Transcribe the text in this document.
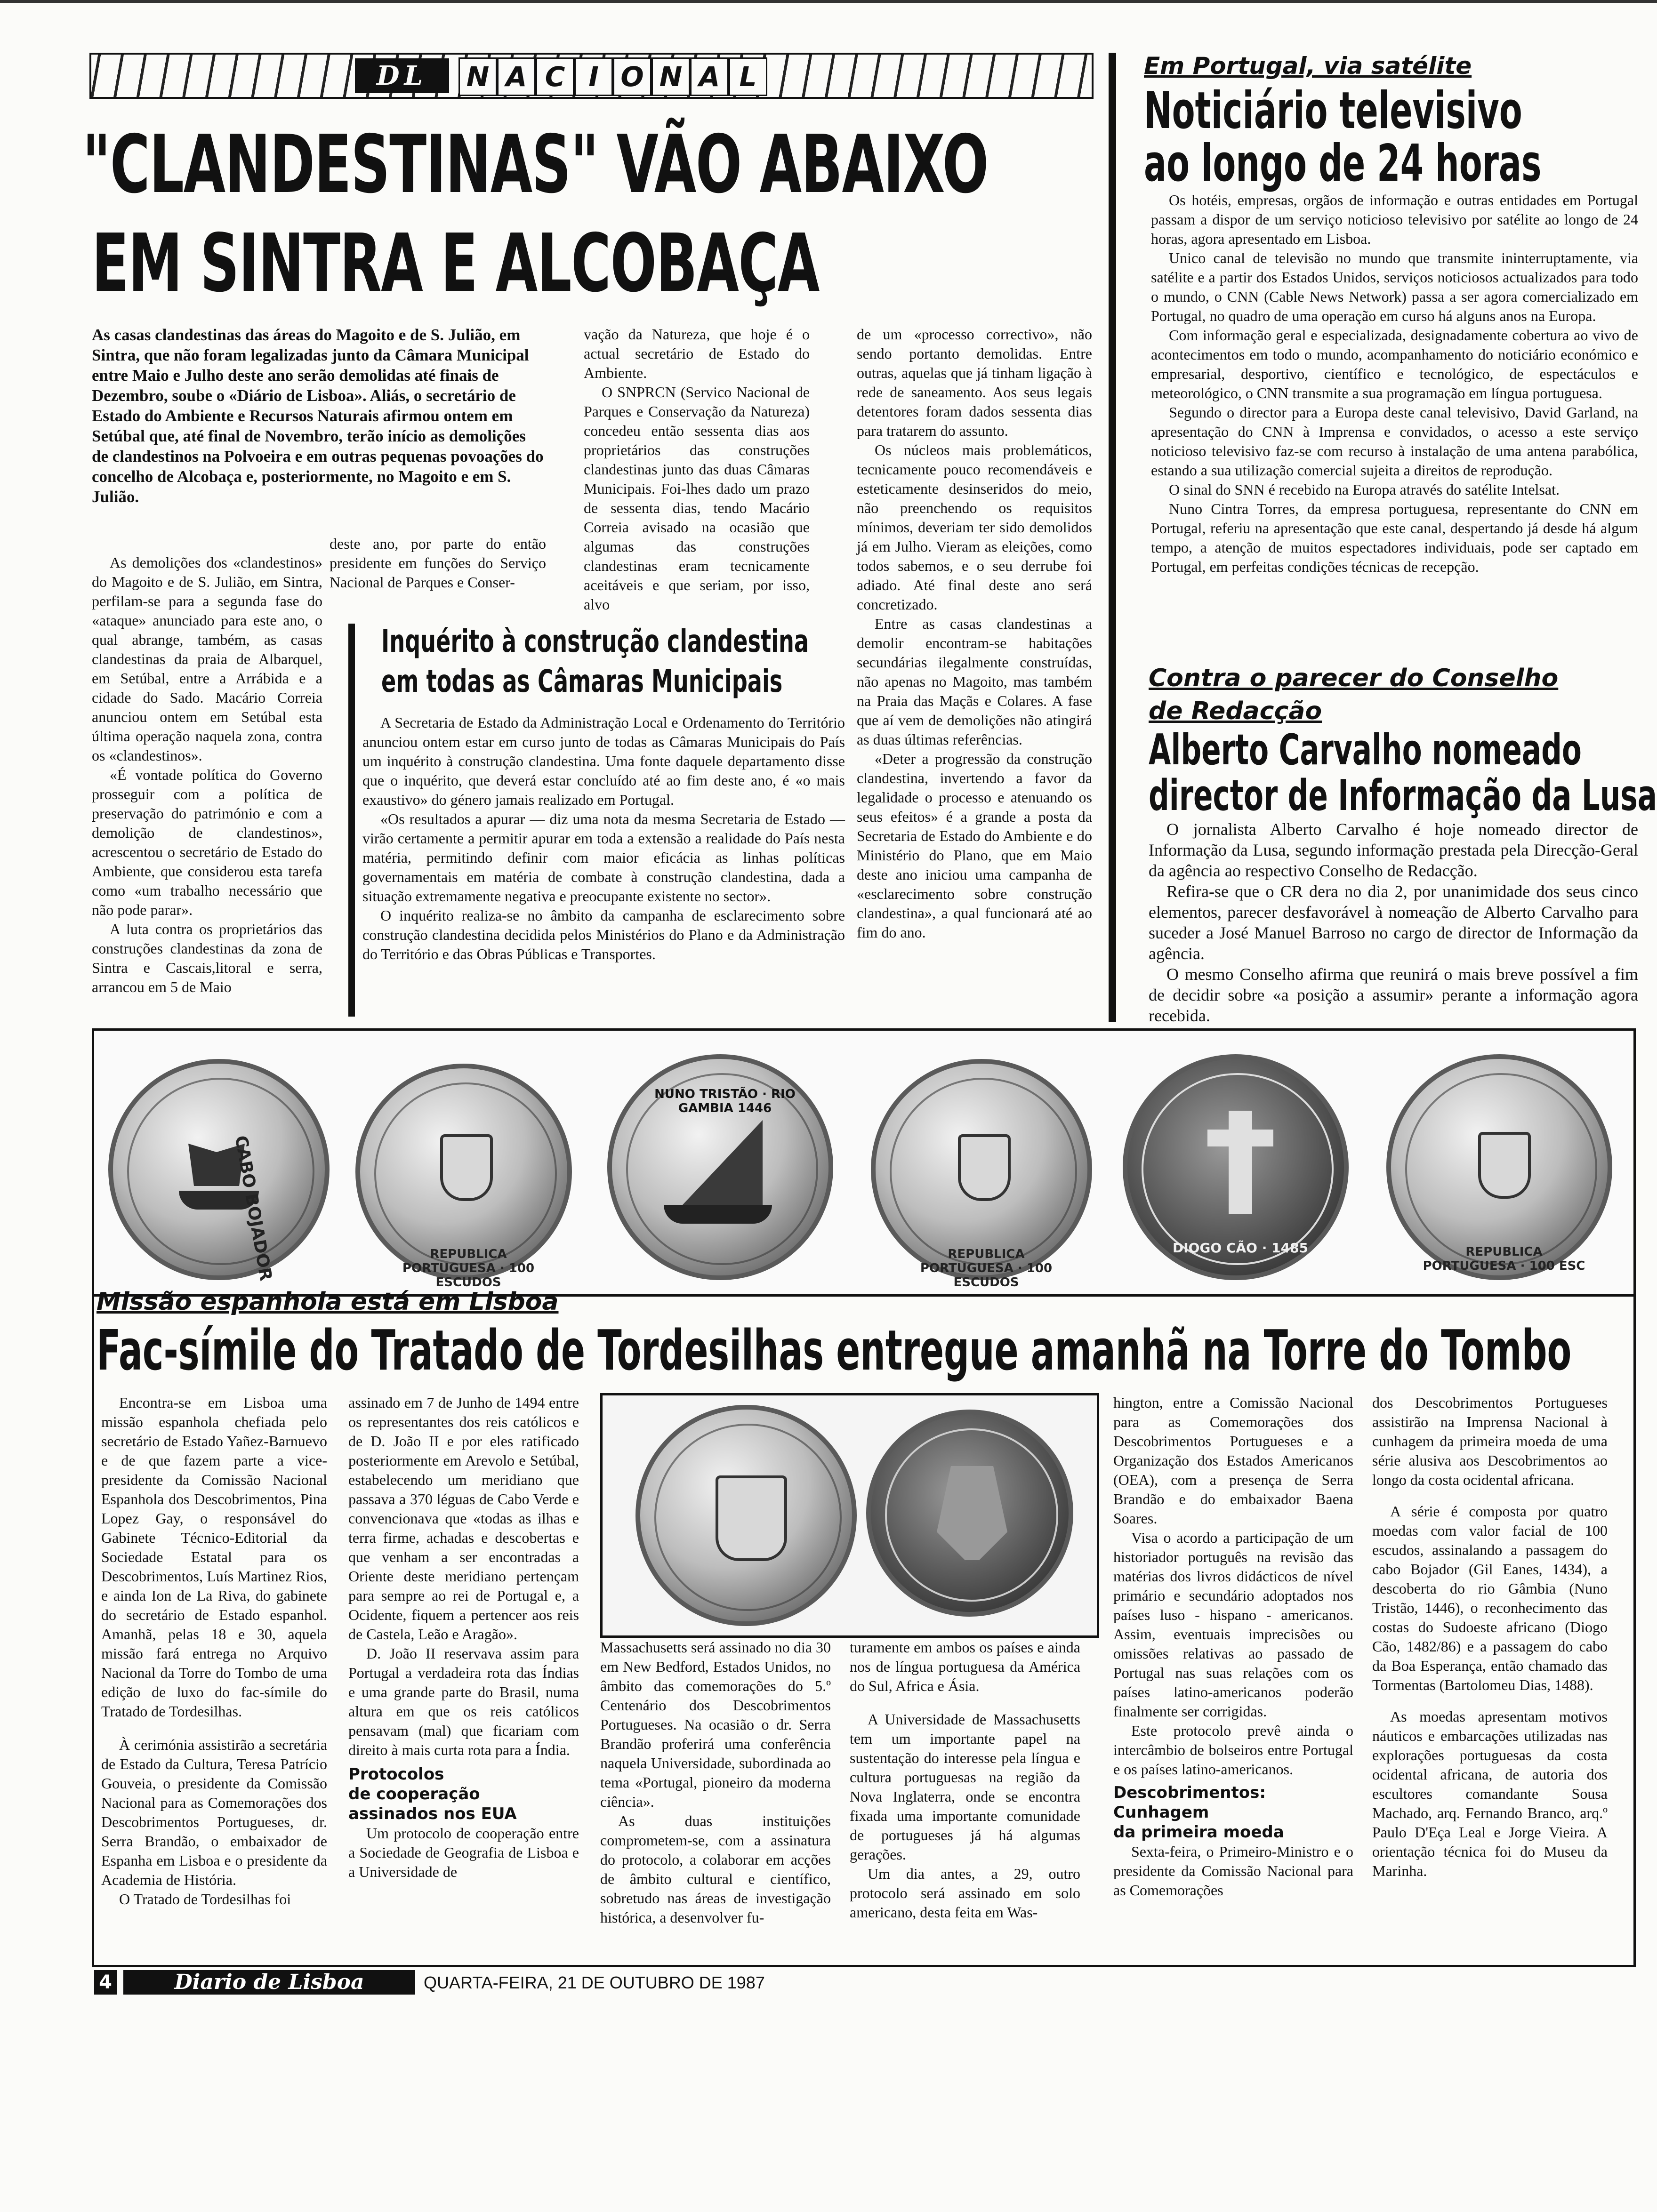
DL	N A C I O N A L
"CLANDESTINAS" VÃO ABAIXO
EM SINTRA E ALCOBAÇA
As casas clandestinas das áreas do Magoito e de S. Julião, em Sintra, que não foram legalizadas junto da Câmara Municipal entre Maio e Julho deste ano serão demolidas até finais de Dezembro, soube o «Diário de Lisboa». Aliás, o secretário de Estado do Ambiente e Recursos Naturais afirmou ontem em Setúbal que, até final de Novembro, terão início as demolições de clandestinos na Polvoeira e em outras pequenas povoações do concelho de Alcobaça e, posteriormente, no Magoito e em S. Julião.

As demolições dos «clandestinos» do Magoito e de S. Julião, em Sintra, perfilam-se para a segunda fase do «ataque» anunciado para este ano, o qual abrange, também, as casas clandestinas da praia de Albarquel, em Setúbal, entre a Arrábida e a cidade do Sado. Macário Correia anunciou ontem em Setúbal esta última operação naquela zona, contra os «clandestinos».

«É vontade política do Governo prosseguir com a política de preservação do património e com a demolição de clandestinos», acrescentou o secretário de Estado do Ambiente, que considerou esta tarefa como «um trabalho necessário que não pode parar».

A luta contra os proprietários das construções clandestinas da zona de Sintra e Cascais,litoral e serra, arrancou em 5 de Maio

deste ano, por parte do então presidente em funções do Serviço Nacional de Parques e Conser-

vação da Natureza, que hoje é o actual secretário de Estado do Ambiente.

O SNPRCN (Servico Nacional de Parques e Conservação da Natureza) concedeu então sessenta dias aos proprietários das construções clandestinas junto das duas Câmaras Municipais. Foi-lhes dado um prazo de sessenta dias, tendo Macário Correia avisado na ocasião que algumas das construções clandestinas eram tecnicamente aceitáveis e que seriam, por isso, alvo

de um «processo correctivo», não sendo portanto demolidas. Entre outras, aquelas que já tinham ligação à rede de saneamento. Aos seus legais detentores foram dados sessenta dias para tratarem do assunto.

Os núcleos mais problemáticos, tecnicamente pouco recomendáveis e esteticamente desinseridos do meio, não preenchendo os requisitos mínimos, deveriam ter sido demolidos já em Julho. Vieram as eleições, como todos sabemos, e o seu derrube foi adiado. Até final deste ano será concretizado.

Entre as casas clandestinas a demolir encontram-se habitações secundárias ilegalmente construídas, não apenas no Magoito, mas também na Praia das Maçãs e Colares. A fase que aí vem de demolições não atingirá as duas últimas referências.

«Deter a progressão da construção clandestina, invertendo a favor da legalidade o processo e atenuando os seus efeitos» é a grande a posta da Secretaria de Estado do Ambiente e do Ministério do Plano, que em Maio deste ano iniciou uma campanha de «esclarecimento sobre construção clandestina», a qual funcionará até ao fim do ano.

Inquérito à construção clandestina
em todas as Câmaras Municipais

A Secretaria de Estado da Administração Local e Ordenamento do Território anunciou ontem estar em curso junto de todas as Câmaras Municipais do País um inquérito à construção clandestina. Uma fonte daquele departamento disse que o inquérito, que deverá estar concluído até ao fim deste ano, é «o mais exaustivo» do género jamais realizado em Portugal.

«Os resultados a apurar — diz uma nota da mesma Secretaria de Estado — virão certamente a permitir apurar em toda a extensão a realidade do País nesta matéria, permitindo definir com maior eficácia as linhas políticas governamentais em matéria de combate à construção clandestina, dada a situação extremamente negativa e preocupante existente no sector».

O inquérito realiza-se no âmbito da campanha de esclarecimento sobre construção clandestina decidida pelos Ministérios do Plano e da Administração do Território e das Obras Públicas e Transportes.

Em Portugal, via satélite
Noticiário televisivo
ao longo de 24 horas

Os hotéis, empresas, orgãos de informação e outras entidades em Portugal passam a dispor de um serviço noticioso televisivo por satélite ao longo de 24 horas, agora apresentado em Lisboa.

Unico canal de televisão no mundo que transmite ininterruptamente, via satélite e a partir dos Estados Unidos, serviços noticiosos actualizados para todo o mundo, o CNN (Cable News Network) passa a ser agora comercializado em Portugal, no quadro de uma operação em curso há alguns anos na Europa.

Com informação geral e especializada, designadamente cobertura ao vivo de acontecimentos em todo o mundo, acompanhamento do noticiário económico e empresarial, desportivo, científico e tecnológico, de espectáculos e meteorológico, o CNN transmite a sua programação em língua portuguesa.

Segundo o director para a Europa deste canal televisivo, David Garland, na apresentação do CNN à Imprensa e convidados, o acesso a este serviço noticioso televisivo faz-se com recurso à instalação de uma antena parabólica, estando a sua utilização comercial sujeita a direitos de reprodução.

O sinal do SNN é recebido na Europa através do satélite Intelsat.

Nuno Cintra Torres, da empresa portuguesa, representante do CNN em Portugal, referiu na apresentação que este canal, despertando já desde há algum tempo, a atenção de muitos espectadores individuais, pode ser captado em Portugal, em perfeitas condições técnicas de recepção.

Contra o parecer do Conselho
de Redacção
Alberto Carvalho nomeado
director de Informação da Lusa

O jornalista Alberto Carvalho é hoje nomeado director de Informação da Lusa, segundo informação prestada pela Direcção-Geral da agência ao respectivo Conselho de Redacção.

Refira-se que o CR dera no dia 2, por unanimidade dos seus cinco elementos, parecer desfavorável à nomeação de Alberto Carvalho para suceder a José Manuel Barroso no cargo de director de Informação da agência.

O mesmo Conselho afirma que reunirá o mais breve possível a fim de decidir sobre «a posição a assumir» perante a informação agora recebida.

CABO BOJADOR	REPUBLICA PORTUGUESA · 100 ESCUDOS
NUNO TRISTÃO · RIO GAMBIA 1446
REPUBLICA PORTUGUESA · 100 ESCUDOS
DIOGO CÃO · 1485	REPUBLICA PORTUGUESA · 100 ESC
Missão espanhola está em Lisboa
Fac-símile do Tratado de Tordesilhas entregue amanhã na Torre do Tombo

Encontra-se em Lisboa uma missão espanhola chefiada pelo secretário de Estado Yañez-Barnuevo e de que fazem parte a vice-presidente da Comissão Nacional Espanhola dos Descobrimentos, Pina Lopez Gay, o responsável do Gabinete Técnico-Editorial da Sociedade Estatal para os Descobrimentos, Luís Martinez Rios, e ainda Ion de La Riva, do gabinete do secretário de Estado espanhol. Amanhã, pelas 18 e 30, aquela missão fará entrega no Arquivo Nacional da Torre do Tombo de uma edição de luxo do fac-símile do Tratado de Tordesilhas.

À cerimónia assistirão a secretária de Estado da Cultura, Teresa Patrício Gouveia, o presidente da Comissão Nacional para as Comemorações dos Descobrimentos Portugueses, dr. Serra Brandão, o embaixador de Espanha em Lisboa e o presidente da Academia de História.

O Tratado de Tordesilhas foi

assinado em 7 de Junho de 1494 entre os representantes dos reis católicos e de D. João II e por eles ratificado posteriormente em Arevolo e Setúbal, estabelecendo um meridiano que passava a 370 léguas de Cabo Verde e convencionava que «todas as ilhas e terra firme, achadas e descobertas e que venham a ser encontradas a Oriente deste meridiano pertençam para sempre ao rei de Portugal e, a Ocidente, fiquem a pertencer aos reis de Castela, Leão e Aragão».

D. João II reservava assim para Portugal a verdadeira rota das Índias e uma grande parte do Brasil, numa altura em que os reis católicos pensavam (mal) que ficariam com direito à mais curta rota para a Índia.

Protocolos
de cooperação
assinados nos EUA

Um protocolo de cooperação entre a Sociedade de Geografia de Lisboa e a Universidade de

Massachusetts será assinado no dia 30 em New Bedford, Estados Unidos, no âmbito das comemorações do 5.º Centenário dos Descobrimentos Portugueses. Na ocasião o dr. Serra Brandão proferirá uma conferência naquela Universidade, subordinada ao tema «Portugal, pioneiro da moderna ciência».

As duas instituições comprometem-se, com a assinatura do protocolo, a colaborar em acções de âmbito cultural e científico, sobretudo nas áreas de investigação histórica, a desenvolver fu-

turamente em ambos os países e ainda nos de língua portuguesa da América do Sul, Africa e Ásia.

A Universidade de Massachusetts tem um importante papel na sustentação do interesse pela língua e cultura portuguesas na região da Nova Inglaterra, onde se encontra fixada uma importante comunidade de portugueses já há algumas gerações.

Um dia antes, a 29, outro protocolo será assinado em solo americano, desta feita em Was-

hington, entre a Comissão Nacional para as Comemorações dos Descobrimentos Portugueses e a Organização dos Estados Americanos (OEA), com a presença de Serra Brandão e do embaixador Baena Soares.

Visa o acordo a participação de um historiador português na revisão das matérias dos livros didácticos de nível primário e secundário adoptados nos países luso - hispano - americanos. Assim, eventuais imprecisões ou omissões relativas ao passado de Portugal nas suas relações com os países latino-americanos poderão finalmente ser corrigidas.

Este protocolo prevê ainda o intercâmbio de bolseiros entre Portugal e os países latino-americanos.

Descobrimentos:
Cunhagem
da primeira moeda

Sexta-feira, o Primeiro-Ministro e o presidente da Comissão Nacional para as Comemorações

dos Descobrimentos Portugueses assistirão na Imprensa Nacional à cunhagem da primeira moeda de uma série alusiva aos Descobrimentos ao longo da costa ocidental africana.

A série é composta por quatro moedas com valor facial de 100 escudos, assinalando a passagem do cabo Bojador (Gil Eanes, 1434), a descoberta do rio Gâmbia (Nuno Tristão, 1446), o reconhecimento das costas do Sudoeste africano (Diogo Cão, 1482/86) e a passagem do cabo da Boa Esperança, então chamado das Tormentas (Bartolomeu Dias, 1488).

As moedas apresentam motivos náuticos e embarcações utilizadas nas explorações portuguesas da costa ocidental africana, de autoria dos escultores comandante Sousa Machado, arq. Fernando Branco, arq.º Paulo D'Eça Leal e Jorge Vieira. A orientação técnica foi do Museu da Marinha.

4	Diario de Lisboa	QUARTA-FEIRA, 21 DE OUTUBRO DE 1987
